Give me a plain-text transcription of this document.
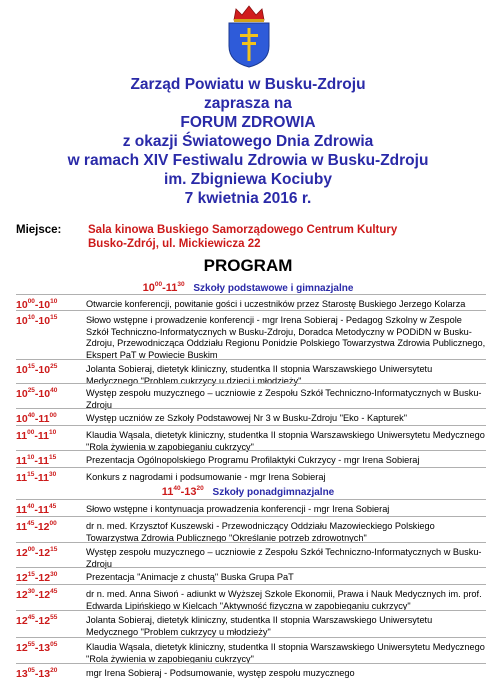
Zarząd Powiatu w Busku-Zdroju
zaprasza na
FORUM ZDROWIA
z okazji Światowego Dnia Zdrowia
w ramach XIV Festiwalu Zdrowia w Busku-Zdroju
im. Zbigniewa Kociuby
7 kwietnia 2016 r.
Miejsce: Sala kinowa Buskiego Samorządowego Centrum Kultury
Busko-Zdrój, ul. Mickiewicza 22
PROGRAM
$10^{00}-11^{30}$ Szkoły podstawowe i gimnazjalne
$10^{00}-10^{10}$	Otwarcie konferencji, powitanie gości i uczestników przez Starostę Buskiego Jerzego Kolarza
$10^{10}-10^{15}$	Słowo wstępne i prowadzenie konferencji - mgr Irena Sobieraj - Pedagog Szkolny w Zespole Szkół Techniczno-Informatycznych w Busku-Zdroju, Doradca Metodyczny w PODiDN w Busku-Zdroju, Przewodnicząca Oddziału Regionu Ponidzie Polskiego Towarzystwa Zdrowia Publicznego, Ekspert PaT w Powiecie Buskim
$10^{15}-10^{25}$	Jolanta Sobieraj, dietetyk kliniczny, studentka II stopnia Warszawskiego Uniwersytetu Medycznego "Problem cukrzycy u dzieci i młodzieży"
$10^{25}-10^{40}$	Występ zespołu muzycznego – uczniowie z Zespołu Szkół Techniczno-Informatycznych w Busku-Zdroju
$10^{40}-11^{00}$	Występ uczniów ze Szkoły Podstawowej Nr 3 w Busku-Zdroju "Eko - Kapturek"
$11^{00}-11^{10}$	Klaudia Wąsala, dietetyk kliniczny, studentka II stopnia Warszawskiego Uniwersytetu Medycznego "Rola żywienia w zapobieganiu cukrzycy"
$11^{10}-11^{15}$	Prezentacja Ogólnopolskiego Programu Profilaktyki Cukrzycy - mgr Irena Sobieraj
$11^{15}-11^{30}$	Konkurs z nagrodami i podsumowanie - mgr Irena Sobieraj
$11^{40}-13^{20}$ Szkoły ponadgimnazjalne
$11^{40}-11^{45}$	Słowo wstępne i kontynuacja prowadzenia konferencji - mgr Irena Sobieraj
$11^{45}-12^{00}$	dr n. med. Krzysztof Kuszewski - Przewodniczący Oddziału Mazowieckiego Polskiego Towarzystwa Zdrowia Publicznego "Określanie potrzeb zdrowotnych"
$12^{00}-12^{15}$	Występ zespołu muzycznego – uczniowie z Zespołu Szkół Techniczno-Informatycznych w Busku-Zdroju
$12^{15}-12^{30}$	Prezentacja "Animacje z chustą" Buska Grupa PaT
$12^{30}-12^{45}$	dr n. med. Anna Siwoń - adiunkt w Wyższej Szkole Ekonomii, Prawa i Nauk Medycznych im. prof. Edwarda Lipińskiego w Kielcach "Aktywność fizyczna w zapobieganiu cukrzycy"
$12^{45}-12^{55}$	Jolanta Sobieraj, dietetyk kliniczny, studentka II stopnia Warszawskiego Uniwersytetu Medycznego "Problem cukrzycy u młodzieży"
$12^{55}-13^{05}$	Klaudia Wąsala, dietetyk kliniczny, studentka II stopnia Warszawskiego Uniwersytetu Medycznego "Rola żywienia w zapobieganiu cukrzycy"
$13^{05}-13^{20}$	mgr Irena Sobieraj - Podsumowanie, występ zespołu muzycznego
